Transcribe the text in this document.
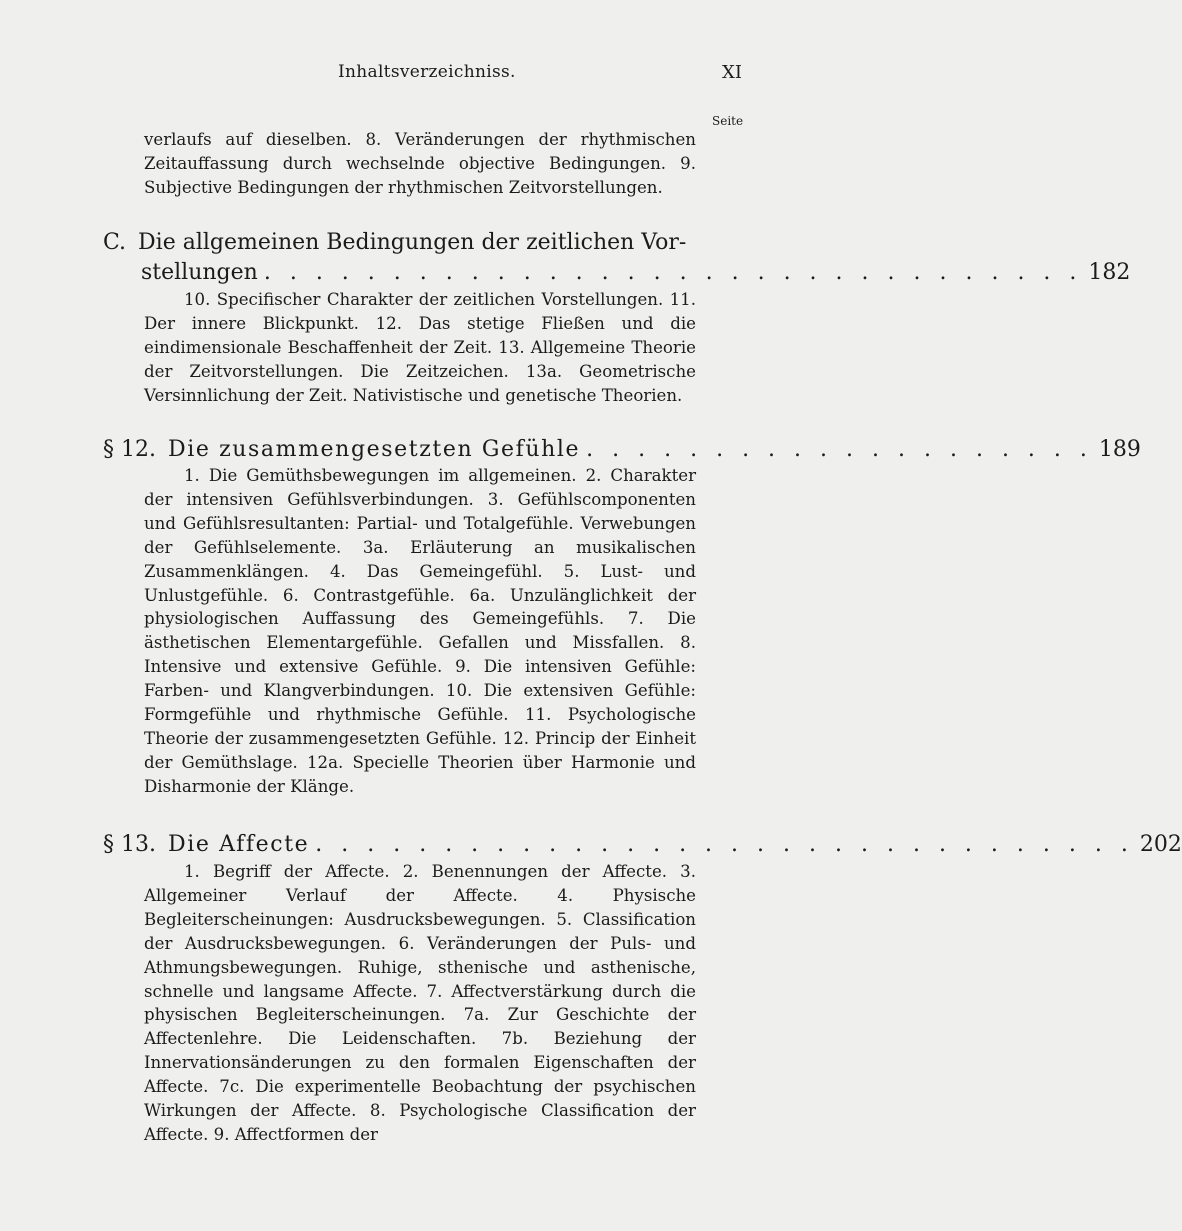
Inhaltsverzeichniss.	XI
Seite
verlaufs auf dieselben. 8. Veränderungen der rhythmischen Zeitauffassung durch wechselnde objective Bedingungen. 9. Subjective Bedingungen der rhythmischen Zeitvorstellungen.
C. Die allgemeinen Bedingungen der zeitlichen Vor-
stellungen . . . . . . . . . . . . . . . . . . . . . . . . . . . . . . . . 182
10. Specifischer Charakter der zeitlichen Vorstellungen. 11. Der innere Blickpunkt. 12. Das stetige Fließen und die eindimensionale Beschaffenheit der Zeit. 13. Allgemeine Theorie der Zeitvorstellungen. Die Zeitzeichen. 13a. Geometrische Versinnlichung der Zeit. Nativistische und genetische Theorien.
§ 12. Die zusammengesetzten Gefühle . . . . . . . . . . . . . . . . . . . . 189
1. Die Gemüthsbewegungen im allgemeinen. 2. Charakter der intensiven Gefühlsverbindungen. 3. Gefühlscomponenten und Gefühlsresultanten: Partial- und Totalgefühle. Verwebungen der Gefühlselemente. 3a. Erläuterung an musikalischen Zusammenklängen. 4. Das Gemeingefühl. 5. Lust- und Unlustgefühle. 6. Contrastgefühle. 6a. Unzulänglichkeit der physiologischen Auffassung des Gemeingefühls. 7. Die ästhetischen Elementargefühle. Gefallen und Missfallen. 8. Intensive und extensive Gefühle. 9. Die intensiven Gefühle: Farben- und Klangverbindungen. 10. Die extensiven Gefühle: Formgefühle und rhythmische Gefühle. 11. Psychologische Theorie der zusammengesetzten Gefühle. 12. Princip der Einheit der Gemüthslage. 12a. Specielle Theorien über Harmonie und Disharmonie der Klänge.
§ 13. Die Affecte . . . . . . . . . . . . . . . . . . . . . . . . . . . . . . . . 202
1. Begriff der Affecte. 2. Benennungen der Affecte. 3. Allgemeiner Verlauf der Affecte. 4. Physische Begleiterscheinungen: Ausdrucksbewegungen. 5. Classification der Ausdrucksbewegungen. 6. Veränderungen der Puls- und Athmungsbewegungen. Ruhige, sthenische und asthenische, schnelle und langsame Affecte. 7. Affectverstärkung durch die physischen Begleiterscheinungen. 7a. Zur Geschichte der Affectenlehre. Die Leidenschaften. 7b. Beziehung der Innervationsänderungen zu den formalen Eigenschaften der Affecte. 7c. Die experimentelle Beobachtung der psychischen Wirkungen der Affecte. 8. Psychologische Classification der Affecte. 9. Affectformen der
